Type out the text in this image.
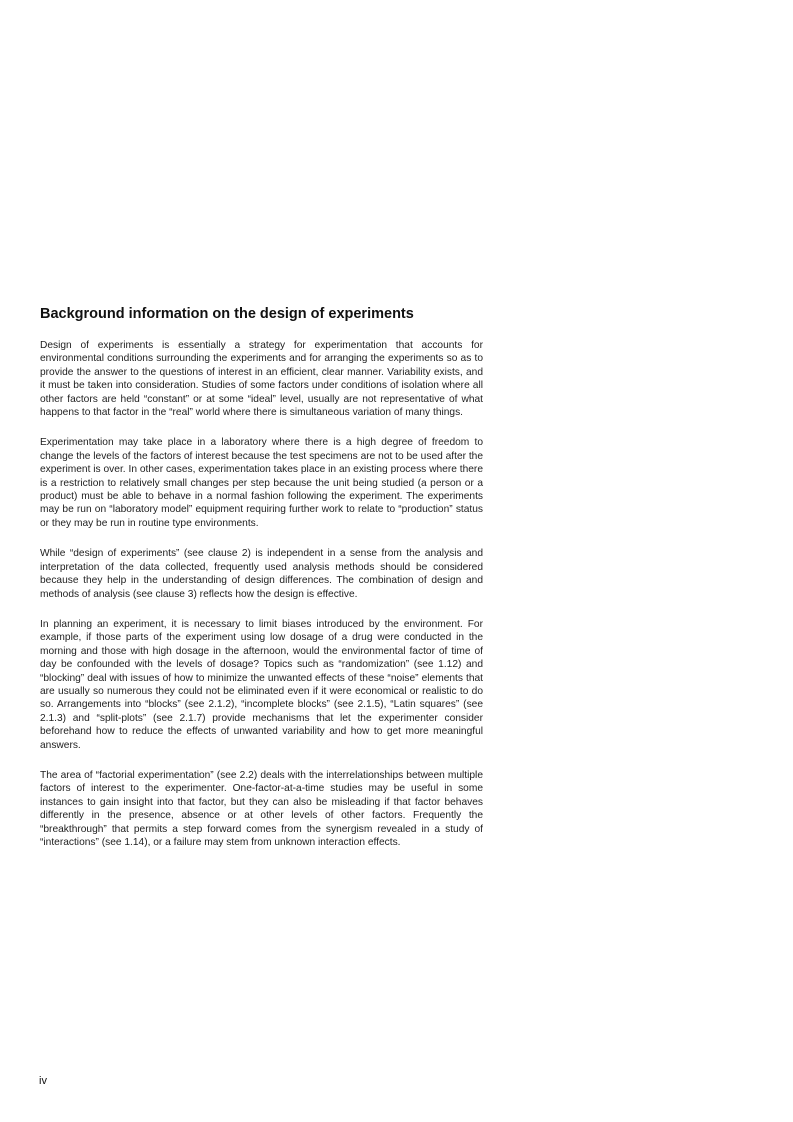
Background information on the design of experiments

Design of experiments is essentially a strategy for experimentation that accounts for environmental conditions surrounding the experiments and for arranging the experiments so as to provide the answer to the questions of interest in an efficient, clear manner. Variability exists, and it must be taken into consideration. Studies of some factors under conditions of isolation where all other factors are held “constant” or at some “ideal” level, usually are not representative of what happens to that factor in the “real” world where there is simultaneous variation of many things.

Experimentation may take place in a laboratory where there is a high degree of freedom to change the levels of the factors of interest because the test specimens are not to be used after the experiment is over. In other cases, experimentation takes place in an existing process where there is a restriction to relatively small changes per step because the unit being studied (a person or a product) must be able to behave in a normal fashion following the experiment. The experiments may be run on “laboratory model” equipment requiring further work to relate to “production” status or they may be run in routine type environments.

While “design of experiments” (see clause 2) is independent in a sense from the analysis and interpretation of the data collected, frequently used analysis methods should be considered because they help in the understanding of design differences. The combination of design and methods of analysis (see clause 3) reflects how the design is effective.

In planning an experiment, it is necessary to limit biases introduced by the environment. For example, if those parts of the experiment using low dosage of a drug were conducted in the morning and those with high dosage in the afternoon, would the environmental factor of time of day be confounded with the levels of dosage? Topics such as “randomization” (see 1.12) and “blocking” deal with issues of how to minimize the unwanted effects of these “noise” elements that are usually so numerous they could not be eliminated even if it were economical or realistic to do so. Arrangements into “blocks” (see 2.1.2), “incomplete blocks” (see 2.1.5), “Latin squares” (see 2.1.3) and “split-plots” (see 2.1.7) provide mechanisms that let the experimenter consider beforehand how to reduce the effects of unwanted variability and how to get more meaningful answers.

The area of “factorial experimentation” (see 2.2) deals with the interrelationships between multiple factors of interest to the experimenter. One-factor-at-a-time studies may be useful in some instances to gain insight into that factor, but they can also be misleading if that factor behaves differently in the presence, absence or at other levels of other factors. Frequently the “breakthrough” that permits a step forward comes from the synergism revealed in a study of “interactions” (see 1.14), or a failure may stem from unknown interaction effects.

iv
